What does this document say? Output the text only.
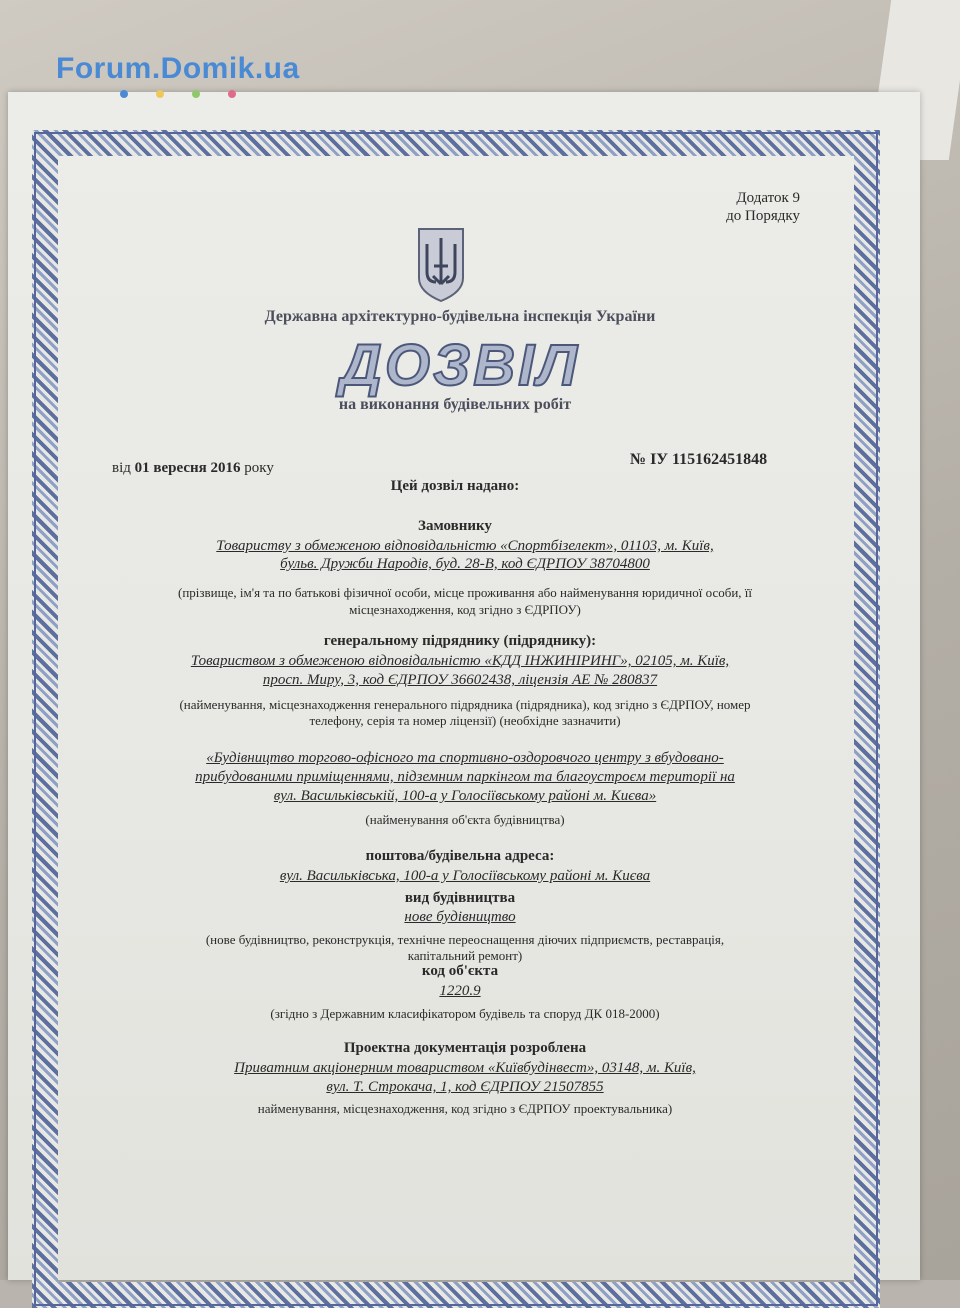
Forum.Domik.ua
Додаток 9
до Порядку
Державна архітектурно-будівельна інспекція України
ДОЗВІЛ
на виконання будівельних робіт
від 01 вересня 2016 року	№ ІУ 115162451848
Цей дозвіл надано:
Замовнику
Товариству з обмеженою відповідальністю «Спортбізелект», 01103, м. Київ,
бульв. Дружби Народів, буд. 28-В, код ЄДРПОУ 38704800
(прізвище, ім'я та по батькові фізичної особи, місце проживання або найменування юридичної особи, її
місцезнаходження, код згідно з ЄДРПОУ)
генеральному підряднику (підряднику):
Товариством з обмеженою відповідальністю «КДД ІНЖИНІРИНГ», 02105, м. Київ,
просп. Миру, 3, код ЄДРПОУ 36602438, ліцензія АЕ № 280837
(найменування, місцезнаходження генерального підрядника (підрядника), код згідно з ЄДРПОУ, номер
телефону, серія та номер ліцензії) (необхідне зазначити)
«Будівництво торгово-офісного та спортивно-оздоровчого центру з вбудовано-
прибудованими приміщеннями, підземним паркінгом та благоустроєм території на
вул. Васильківській, 100-а у Голосіївському районі м. Києва»
(найменування об'єкта будівництва)
поштова/будівельна адреса:
вул. Васильківська, 100-а у Голосіївському районі м. Києва
вид будівництва
нове будівництво
(нове будівництво, реконструкція, технічне переоснащення діючих підприємств, реставрація,
капітальний ремонт)
код об'єкта
1220.9
(згідно з Державним класифікатором будівель та споруд ДК 018-2000)
Проектна документація розроблена
Приватним акціонерним товариством «Київбудінвест», 03148, м. Київ,
вул. Т. Строкача, 1, код ЄДРПОУ 21507855
найменування, місцезнаходження, код згідно з ЄДРПОУ проектувальника)
